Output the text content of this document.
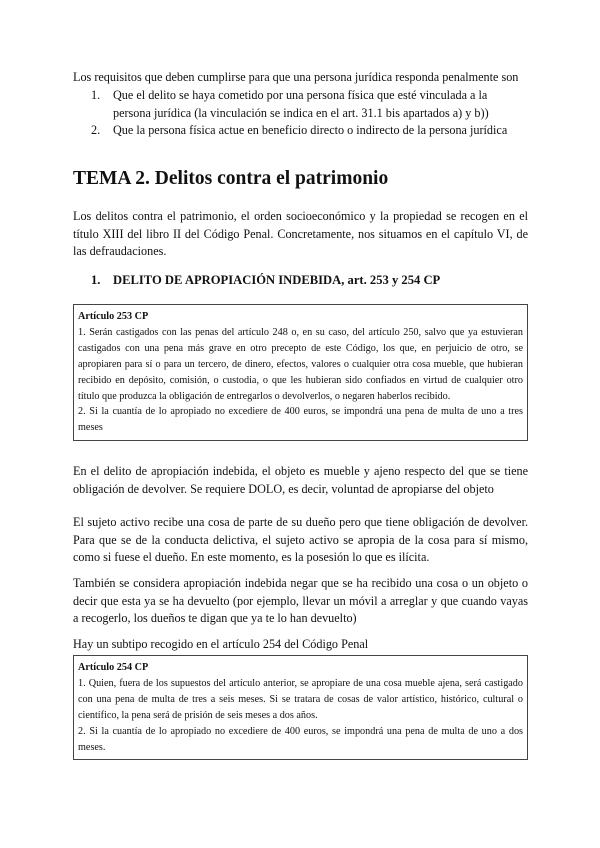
Los requisitos que deben cumplirse para que una persona jurídica responda penalmente son

1. Que el delito se haya cometido por una persona física que esté vinculada a la persona jurídica (la vinculación se indica en el art. 31.1 bis apartados a) y b))
2. Que la persona física actue en beneficio directo o indirecto de la persona jurídica
TEMA 2. Delitos contra el patrimonio

Los delitos contra el patrimonio, el orden socioeconómico y la propiedad se recogen en el título XIII del libro II del Código Penal. Concretamente, nos situamos en el capítulo VI, de las defraudaciones.

1. DELITO DE APROPIACIÓN INDEBIDA, art. 253 y 254 CP
Artículo 253 CP
1. Serán castigados con las penas del artículo 248 o, en su caso, del artículo 250, salvo que ya estuvieran castigados con una pena más grave en otro precepto de este Código, los que, en perjuicio de otro, se apropiaren para sí o para un tercero, de dinero, efectos, valores o cualquier otra cosa mueble, que hubieran recibido en depósito, comisión, o custodia, o que les hubieran sido confiados en virtud de cualquier otro título que produzca la obligación de entregarlos o devolverlos, o negaren haberlos recibido.
2. Si la cuantía de lo apropiado no excediere de 400 euros, se impondrá una pena de multa de uno a tres meses

En el delito de apropiación indebida, el objeto es mueble y ajeno respecto del que se tiene obligación de devolver. Se requiere DOLO, es decir, voluntad de apropiarse del objeto

El sujeto activo recibe una cosa de parte de su dueño pero que tiene obligación de devolver. Para que se de la conducta delictiva, el sujeto activo se apropia de la cosa para sí mismo, como si fuese el dueño. En este momento, es la posesión lo que es ilícita.

También se considera apropiación indebida negar que se ha recibido una cosa o un objeto o decir que esta ya se ha devuelto (por ejemplo, llevar un móvil a arreglar y que cuando vayas a recogerlo, los dueños te digan que ya te lo han devuelto)

Hay un subtipo recogido en el artículo 254 del Código Penal

Artículo 254 CP
1. Quien, fuera de los supuestos del artículo anterior, se apropiare de una cosa mueble ajena, será castigado con una pena de multa de tres a seis meses. Si se tratara de cosas de valor artístico, histórico, cultural o científico, la pena será de prisión de seis meses a dos años.
2. Si la cuantía de lo apropiado no excediere de 400 euros, se impondrá una pena de multa de uno a dos meses.
